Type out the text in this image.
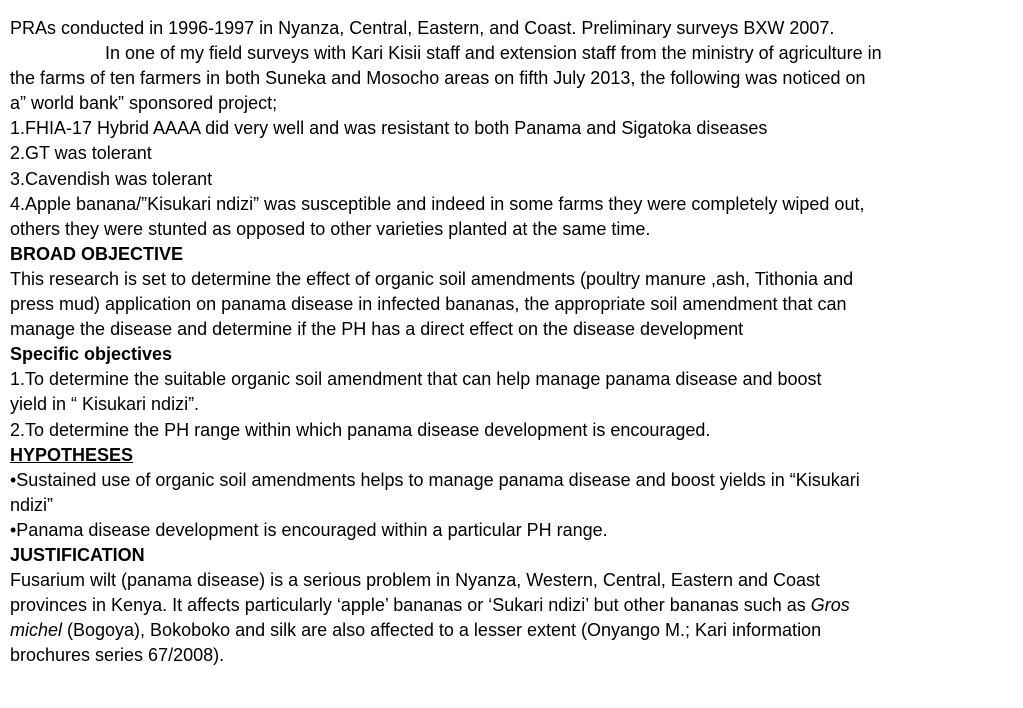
PRAs conducted in 1996-1997 in Nyanza, Central, Eastern, and Coast. Preliminary surveys BXW 2007.

In one of my field surveys with Kari Kisii staff and extension staff from the ministry of agriculture in

the farms of ten farmers in both Suneka and Mosocho areas on fifth July 2013, the following was noticed on

a” world bank” sponsored project;

1.FHIA-17 Hybrid AAAA did very well and was resistant to both Panama and Sigatoka diseases

2.GT was tolerant

3.Cavendish was tolerant

4.Apple banana/”Kisukari ndizi” was susceptible and indeed in some farms they were completely wiped out,

others they were stunted as opposed to other varieties planted at the same time.

BROAD OBJECTIVE

This research is set to determine the effect of organic soil amendments (poultry manure ,ash, Tithonia and

press mud) application on panama disease in infected bananas, the appropriate soil amendment that can

manage the disease and determine if the PH has a direct effect on the disease development

Specific objectives

1.To determine the suitable organic soil amendment that can help manage panama disease and boost

yield in “ Kisukari ndizi”.

2.To determine the PH range within which panama disease development is encouraged.

HYPOTHESES

•Sustained use of organic soil amendments helps to manage panama disease and boost yields in “Kisukari

ndizi”

•Panama disease development is encouraged within a particular PH range.

JUSTIFICATION

Fusarium wilt (panama disease) is a serious problem in Nyanza, Western, Central, Eastern and Coast

provinces in Kenya. It affects particularly ‘apple’ bananas or ‘Sukari ndizi’ but other bananas such as Gros

michel (Bogoya), Bokoboko and silk are also affected to a lesser extent (Onyango M.; Kari information

brochures series 67/2008).
